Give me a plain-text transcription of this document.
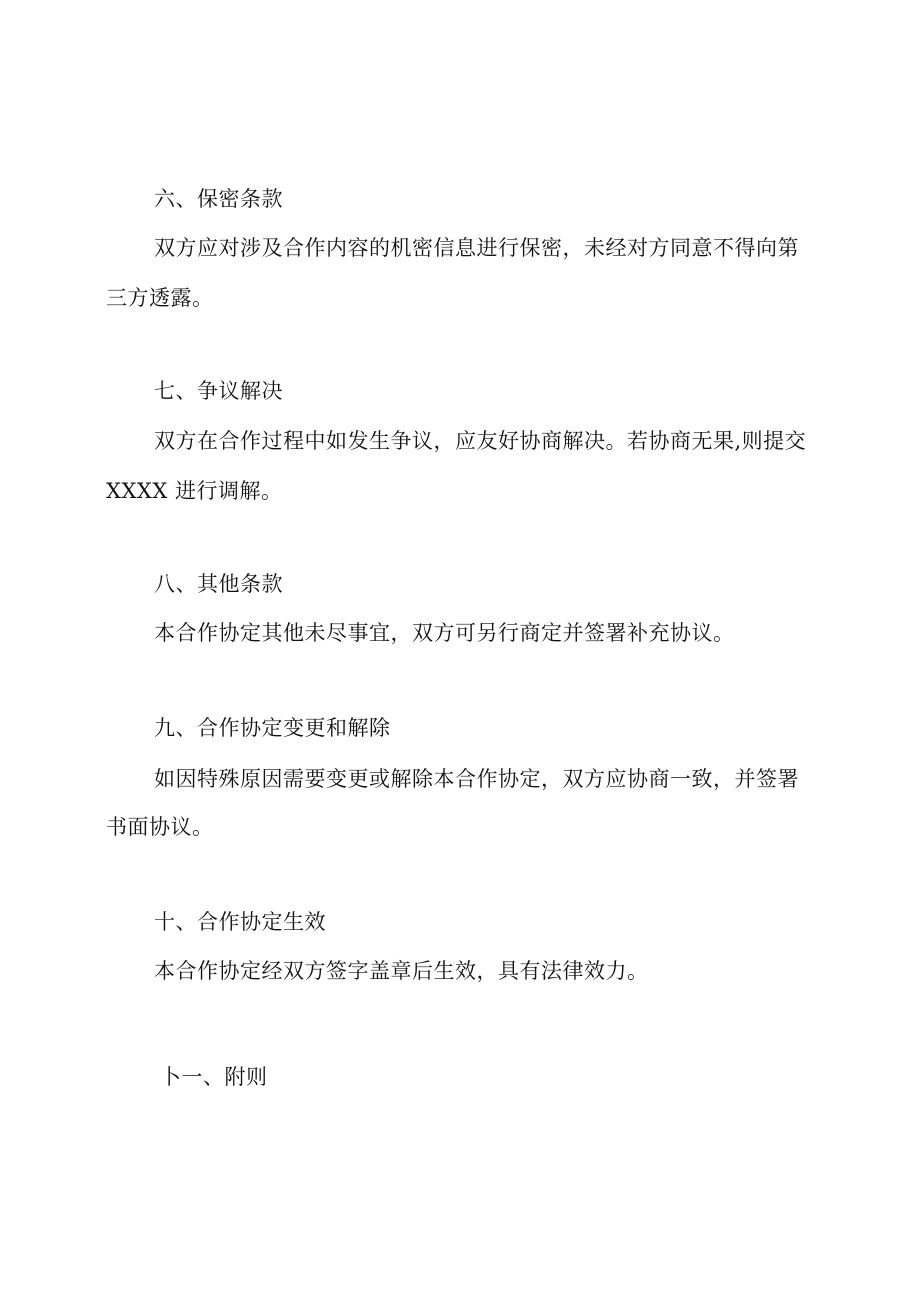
六、保密条款
双方应对涉及合作内容的机密信息进行保密，未经对方同意不得向第
三方透露。
七、争议解决
双方在合作过程中如发生争议，应友好协商解决。若协商无果,则提交
XXXX 进行调解。
八、其他条款
本合作协定其他未尽事宜，双方可另行商定并签署补充协议。
九、合作协定变更和解除
如因特殊原因需要变更或解除本合作协定，双方应协商一致，并签署
书面协议。
十、合作协定生效
本合作协定经双方签字盖章后生效，具有法律效力。
卜一、附则
